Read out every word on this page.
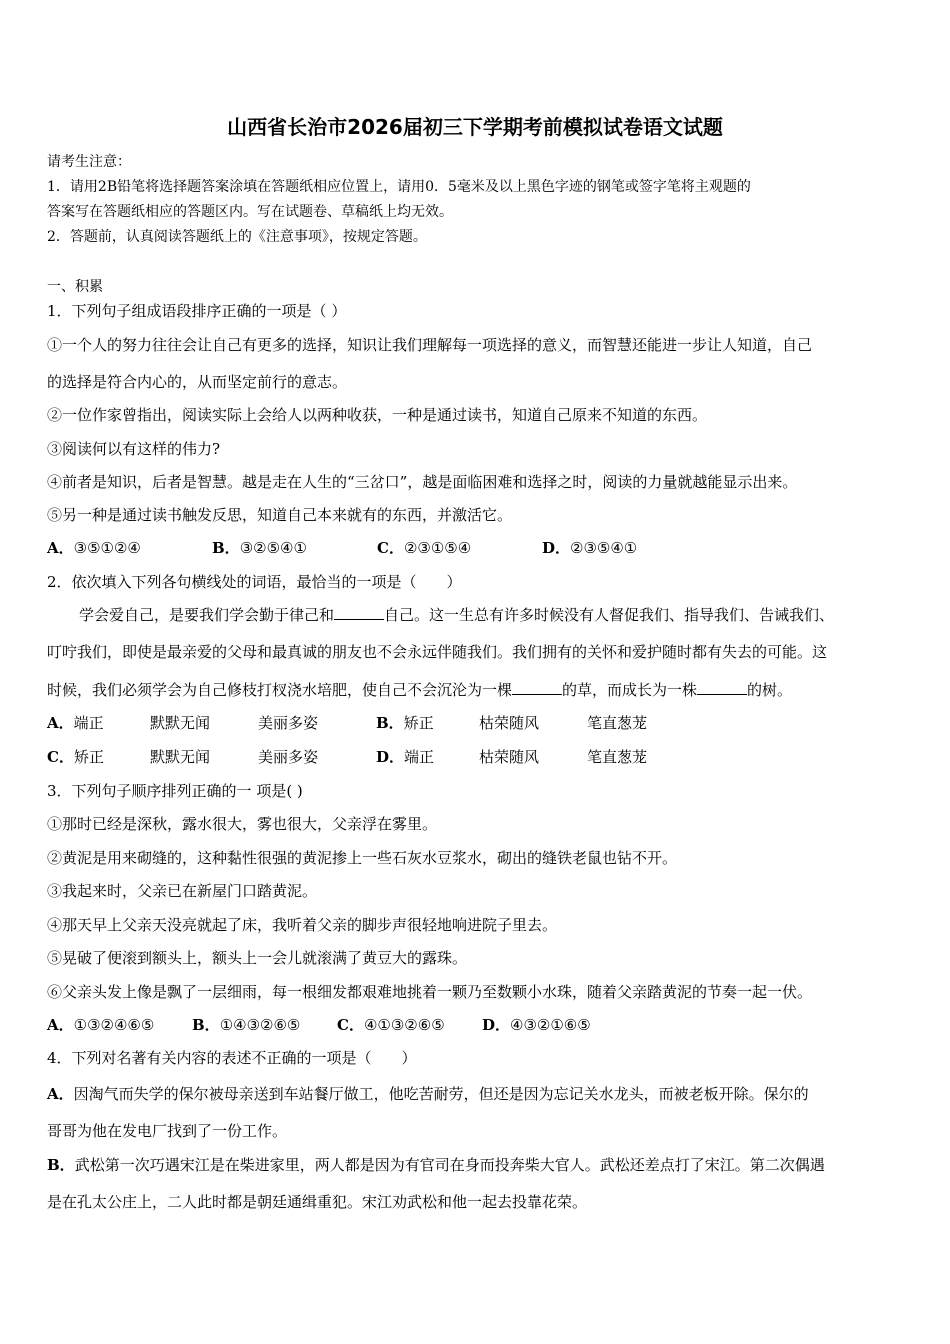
山西省长治市2026届初三下学期考前模拟试卷语文试题
请考生注意：
1．请用2B铅笔将选择题答案涂填在答题纸相应位置上，请用0．5毫米及以上黑色字迹的钢笔或签字笔将主观题的
答案写在答题纸相应的答题区内。写在试题卷、草稿纸上均无效。
2．答题前，认真阅读答题纸上的《注意事项》，按规定答题。
一、积累
1．下列句子组成语段排序正确的一项是（ ）
①一个人的努力往往会让自己有更多的选择，知识让我们理解每一项选择的意义，而智慧还能进一步让人知道，自己
的选择是符合内心的，从而坚定前行的意志。
②一位作家曾指出，阅读实际上会给人以两种收获，一种是通过读书，知道自己原来不知道的东西。
③阅读何以有这样的伟力?
④前者是知识，后者是智慧。越是走在人生的“三岔口”，越是面临困难和选择之时，阅读的力量就越能显示出来。
⑤另一种是通过读书触发反思，知道自己本来就有的东西，并激活它。
A．③⑤①②④	B．③②⑤④①	C．②③①⑤④	D．②③⑤④①
2．依次填入下列各句横线处的词语，最恰当的一项是（　　）
学会爱自己，是要我们学会勤于律己和	自己。这一生总有许多时候没有人督促我们、指导我们、告诫我们、
叮咛我们，即使是最亲爱的父母和最真诚的朋友也不会永远伴随我们。我们拥有的关怀和爱护随时都有失去的可能。这
时候，我们必须学会为自己修枝打杈浇水培肥，使自己不会沉沦为一棵	的草，而成长为一株	的树。
A．端正	默默无闻	美丽多姿	B．矫正	枯荣随风	笔直葱茏
C．矫正	默默无闻	美丽多姿	D．端正	枯荣随风	笔直葱茏
3．下列句子顺序排列正确的一 项是( )
①那时已经是深秋，露水很大，雾也很大，父亲浮在雾里。
②黄泥是用来砌缝的，这种黏性很强的黄泥掺上一些石灰水豆浆水，砌出的缝铁老鼠也钻不开。
③我起来时，父亲已在新屋门口踏黄泥。
④那天早上父亲天没亮就起了床，我听着父亲的脚步声很轻地响进院子里去。
⑤晃破了便滚到额头上，额头上一会儿就滚满了黄豆大的露珠。
⑥父亲头发上像是飘了一层细雨，每一根细发都艰难地挑着一颗乃至数颗小水珠，随着父亲踏黄泥的节奏一起一伏。
A．①③②④⑥⑤	B．①④③②⑥⑤ C．④①③②⑥⑤ D．④③②①⑥⑤
4．下列对名著有关内容的表述不正确的一项是（　　）
A．因淘气而失学的保尔被母亲送到车站餐厅做工，他吃苦耐劳，但还是因为忘记关水龙头，而被老板开除。保尔的
哥哥为他在发电厂找到了一份工作。
B．武松第一次巧遇宋江是在柴进家里，两人都是因为有官司在身而投奔柴大官人。武松还差点打了宋江。第二次偶遇
是在孔太公庄上，二人此时都是朝廷通缉重犯。宋江劝武松和他一起去投靠花荣。
